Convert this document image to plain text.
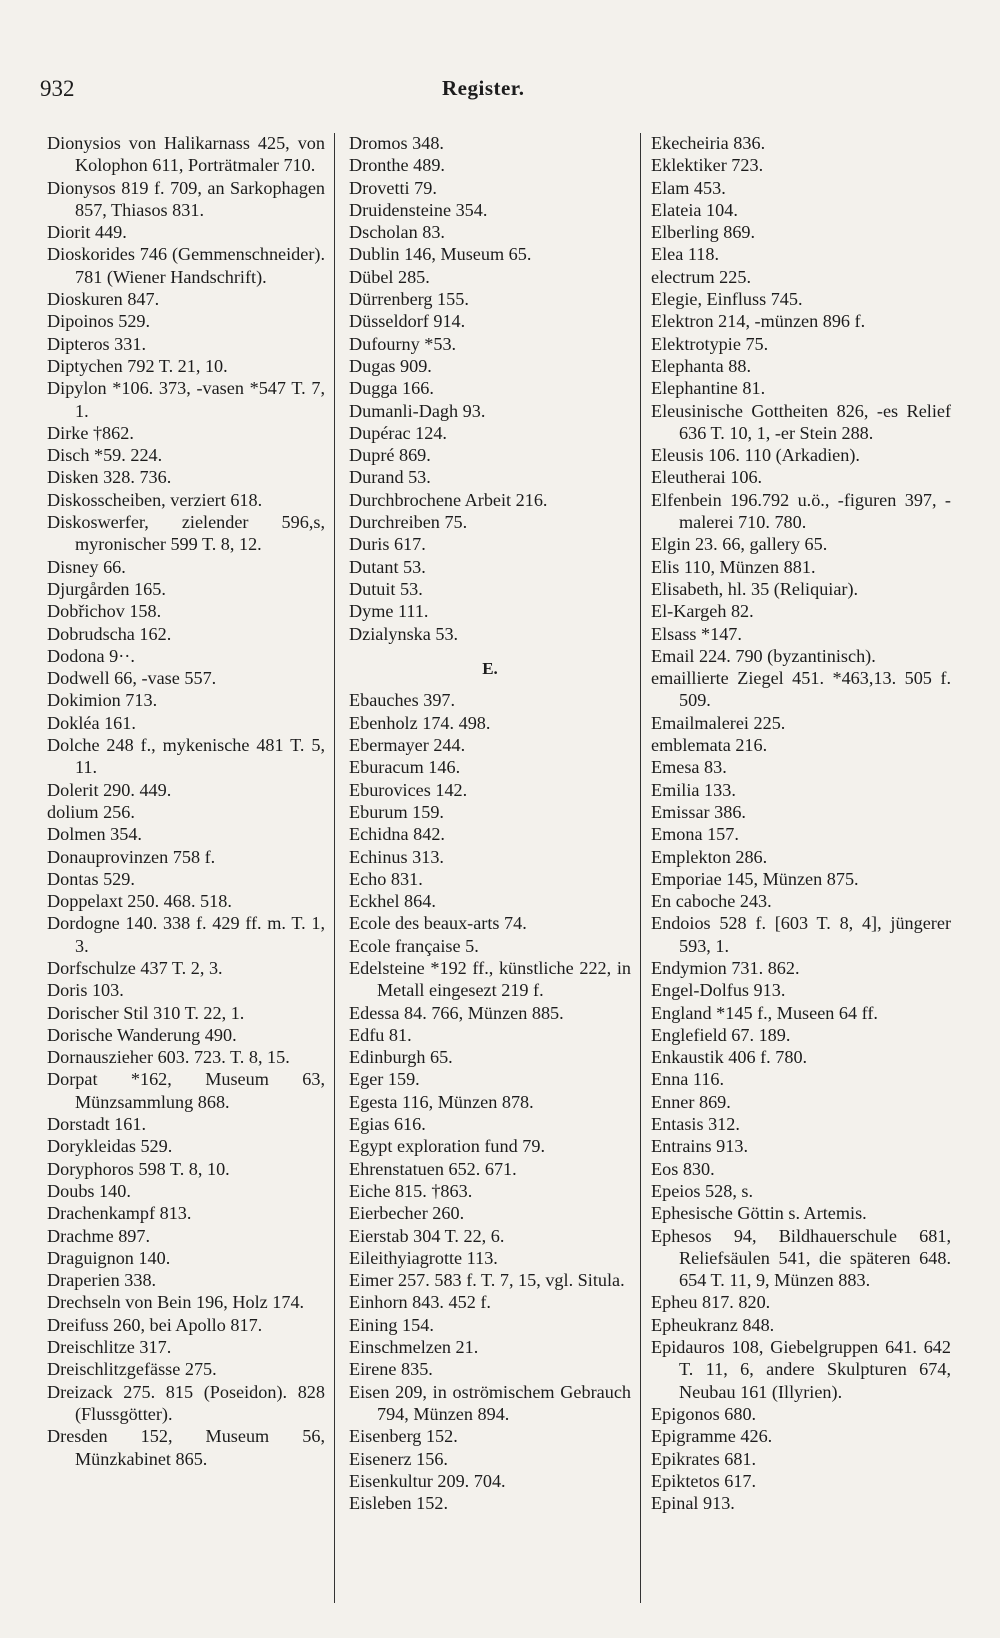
932	Register.
Dionysios von Halikarnass 425, von Kolophon 611, Porträtmaler 710.
Dionysos 819 f. 709, an Sarkophagen 857, Thiasos 831.
Diorit 449.
Dioskorides 746 (Gemmenschneider). 781 (Wiener Handschrift).
Dioskuren 847.
Dipoinos 529.
Dipteros 331.
Diptychen 792 T. 21, 10.
Dipylon *106. 373, -vasen *547 T. 7, 1.
Dirke †862.
Disch *59. 224.
Disken 328. 736.
Diskosscheiben, verziert 618.
Diskoswerfer, zielender 596,s, myronischer 599 T. 8, 12.
Disney 66.
Djurgården 165.
Dobřichov 158.
Dobrudscha 162.
Dodona 9··.
Dodwell 66, -vase 557.
Dokimion 713.
Dokléa 161.
Dolche 248 f., mykenische 481 T. 5, 11.
Dolerit 290. 449.
dolium 256.
Dolmen 354.
Donauprovinzen 758 f.
Dontas 529.
Doppelaxt 250. 468. 518.
Dordogne 140. 338 f. 429 ff. m. T. 1, 3.
Dorfschulze 437 T. 2, 3.
Doris 103.
Dorischer Stil 310 T. 22, 1.
Dorische Wanderung 490.
Dornauszieher 603. 723. T. 8, 15.
Dorpat *162, Museum 63, Münzsammlung 868.
Dorstadt 161.
Dorykleidas 529.
Doryphoros 598 T. 8, 10.
Doubs 140.
Drachenkampf 813.
Drachme 897.
Draguignon 140.
Draperien 338.
Drechseln von Bein 196, Holz 174.
Dreifuss 260, bei Apollo 817.
Dreischlitze 317.
Dreischlitzgefässe 275.
Dreizack 275. 815 (Poseidon). 828 (Flussgötter).
Dresden 152, Museum 56, Münzkabinet 865.
Dromos 348.
Dronthe 489.
Drovetti 79.
Druidensteine 354.
Dscholan 83.
Dublin 146, Museum 65.
Dübel 285.
Dürrenberg 155.
Düsseldorf 914.
Dufourny *53.
Dugas 909.
Dugga 166.
Dumanli-Dagh 93.
Dupérac 124.
Dupré 869.
Durand 53.
Durchbrochene Arbeit 216.
Durchreiben 75.
Duris 617.
Dutant 53.
Dutuit 53.
Dyme 111.
Dzialynska 53.
E.
Ebauches 397.
Ebenholz 174. 498.
Ebermayer 244.
Eburacum 146.
Eburovices 142.
Eburum 159.
Echidna 842.
Echinus 313.
Echo 831.
Eckhel 864.
Ecole des beaux-arts 74.
Ecole française 5.
Edelsteine *192 ff., künstliche 222, in Metall eingesezt 219 f.
Edessa 84. 766, Münzen 885.
Edfu 81.
Edinburgh 65.
Eger 159.
Egesta 116, Münzen 878.
Egias 616.
Egypt exploration fund 79.
Ehrenstatuen 652. 671.
Eiche 815. †863.
Eierbecher 260.
Eierstab 304 T. 22, 6.
Eileithyiagrotte 113.
Eimer 257. 583 f. T. 7, 15, vgl. Situla.
Einhorn 843. 452 f.
Eining 154.
Einschmelzen 21.
Eirene 835.
Eisen 209, in oströmischem Gebrauch 794, Münzen 894.
Eisenberg 152.
Eisenerz 156.
Eisenkultur 209. 704.
Eisleben 152.
Ekecheiria 836.
Eklektiker 723.
Elam 453.
Elateia 104.
Elberling 869.
Elea 118.
electrum 225.
Elegie, Einfluss 745.
Elektron 214, -münzen 896 f.
Elektrotypie 75.
Elephanta 88.
Elephantine 81.
Eleusinische Gottheiten 826, -es Relief 636 T. 10, 1, -er Stein 288.
Eleusis 106. 110 (Arkadien).
Eleutherai 106.
Elfenbein 196.792 u.ö., -figuren 397, -malerei 710. 780.
Elgin 23. 66, gallery 65.
Elis 110, Münzen 881.
Elisabeth, hl. 35 (Reliquiar).
El-Kargeh 82.
Elsass *147.
Email 224. 790 (byzantinisch).
emaillierte Ziegel 451. *463,13. 505 f. 509.
Emailmalerei 225.
emblemata 216.
Emesa 83.
Emilia 133.
Emissar 386.
Emona 157.
Emplekton 286.
Emporiae 145, Münzen 875.
En caboche 243.
Endoios 528 f. [603 T. 8, 4], jüngerer 593, 1.
Endymion 731. 862.
Engel-Dolfus 913.
England *145 f., Museen 64 ff.
Englefield 67. 189.
Enkaustik 406 f. 780.
Enna 116.
Enner 869.
Entasis 312.
Entrains 913.
Eos 830.
Epeios 528, s.
Ephesische Göttin s. Artemis.
Ephesos 94, Bildhauerschule 681, Reliefsäulen 541, die späteren 648. 654 T. 11, 9, Münzen 883.
Epheu 817. 820.
Epheukranz 848.
Epidauros 108, Giebelgruppen 641. 642 T. 11, 6, andere Skulpturen 674, Neubau 161 (Illyrien).
Epigonos 680.
Epigramme 426.
Epikrates 681.
Epiktetos 617.
Epinal 913.
